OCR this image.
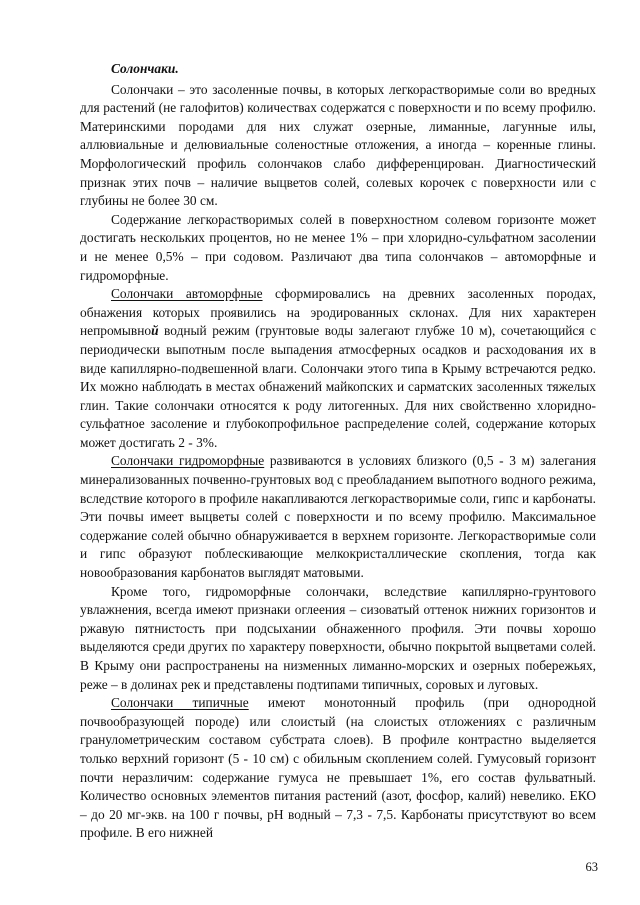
Солончаки.

Солончаки – это засоленные почвы, в которых легкорастворимые соли во вредных для растений (не галофитов) количествах содержатся с поверхности и по всему профилю. Материнскими породами для них служат озерные, лиманные, лагунные илы, аллювиальные и делювиальные соленостные отложения, а иногда – коренные глины. Морфологический профиль солончаков слабо дифференцирован. Диагностический признак этих почв – наличие выцветов солей, солевых корочек с поверхности или с глубины не более 30 см.

Содержание легкорастворимых солей в поверхностном солевом горизонте может достигать нескольких процентов, но не менее 1% – при хлоридно-сульфатном засолении и не менее 0,5% – при содовом. Различают два типа солончаков – автоморфные и гидроморфные.

Солончаки автоморфные сформировались на древних засоленных породах, обнажения которых проявились на эродированных склонах. Для них характерен непромывной водный режим (грунтовые воды залегают глубже 10 м), сочетающийся с периодически выпотным после выпадения атмосферных осадков и расходования их в виде капиллярно-подвешенной влаги. Солончаки этого типа в Крыму встречаются редко. Их можно наблюдать в местах обнажений майкопских и сарматских засоленных тяжелых глин. Такие солончаки относятся к роду литогенных. Для них свойственно хлоридно-сульфатное засоление и глубокопрофильное распределение солей, содержание которых может достигать 2 - 3%.

Солончаки гидроморфные развиваются в условиях близкого (0,5 - 3 м) залегания минерализованных почвенно-грунтовых вод с преобладанием выпотного водного режима, вследствие которого в профиле накапливаются легкорастворимые соли, гипс и карбонаты. Эти почвы имеет выцветы солей с поверхности и по всему профилю. Максимальное содержание солей обычно обнаруживается в верхнем горизонте. Легкорастворимые соли и гипс образуют поблескивающие мелкокристаллические скопления, тогда как новообразования карбонатов выглядят матовыми.

Кроме того, гидроморфные солончаки, вследствие капиллярно-грунтового увлажнения, всегда имеют признаки оглеения – сизоватый оттенок нижних горизонтов и ржавую пятнистость при подсыхании обнаженного профиля. Эти почвы хорошо выделяются среди других по характеру поверхности, обычно покрытой выцветами солей. В Крыму они распространены на низменных лиманно-морских и озерных побережьях, реже – в долинах рек и представлены подтипами типичных, соровых и луговых.

Солончаки типичные имеют монотонный профиль (при однородной почвообразующей породе) или слоистый (на слоистых отложениях с различным гранулометрическим составом субстрата слоев). В профиле контрастно выделяется только верхний горизонт (5 - 10 см) с обильным скоплением солей. Гумусовый горизонт почти неразличим: содержание гумуса не превышает 1%, его состав фульватный. Количество основных элементов питания растений (азот, фосфор, калий) невелико. ЕКО – до 20 мг-экв. на 100 г почвы, pH водный – 7,3 - 7,5. Карбонаты присутствуют во всем профиле. В его нижней

63
